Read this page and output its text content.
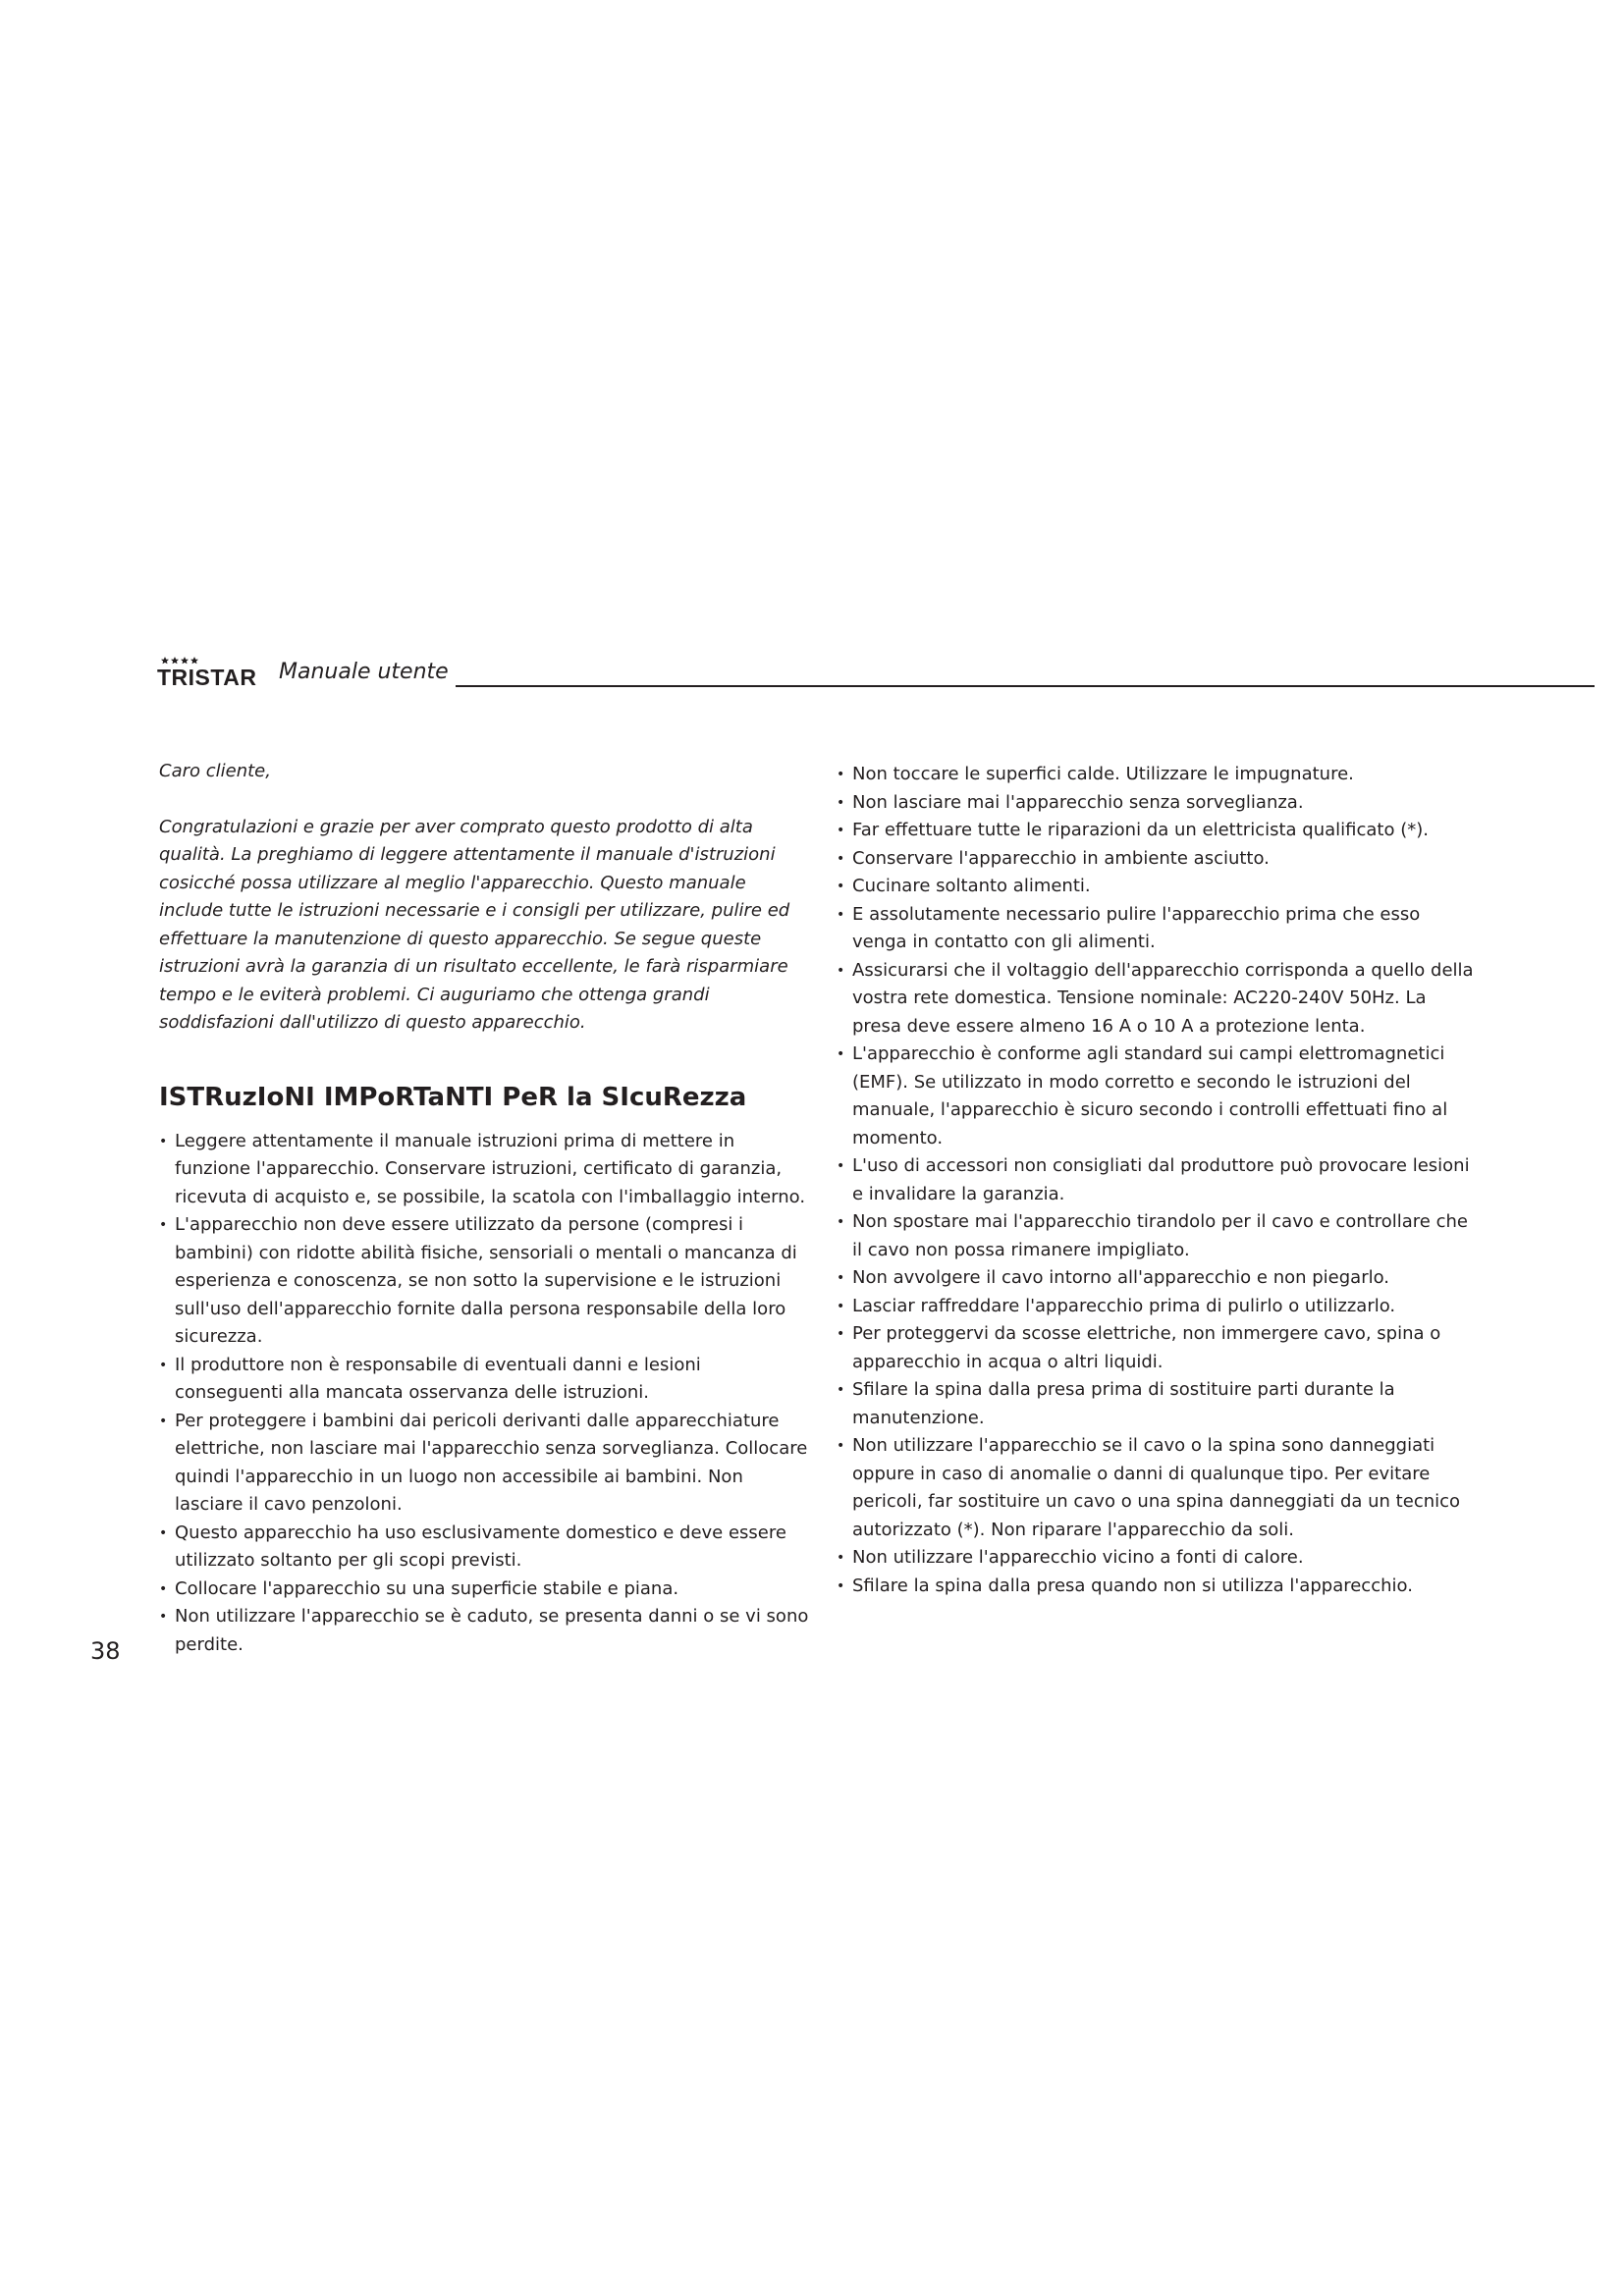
TRISTAR Manuale utente

Caro cliente,

Congratulazioni e grazie per aver comprato questo prodotto di alta qualità. La preghiamo di leggere attentamente il manuale d'istruzioni cosicché possa utilizzare al meglio l'apparecchio. Questo manuale include tutte le istruzioni necessarie e i consigli per utilizzare, pulire ed effettuare la manutenzione di questo apparecchio. Se segue queste istruzioni avrà la garanzia di un risultato eccellente, le farà risparmiare tempo e le eviterà problemi. Ci auguriamo che ottenga grandi soddisfazioni dall'utilizzo di questo apparecchio.

ISTRuzIoNI IMPoRTaNTI PeR la SIcuRezza
• Leggere attentamente il manuale istruzioni prima di mettere in funzione l'apparecchio. Conservare istruzioni, certificato di garanzia, ricevuta di acquisto e, se possibile, la scatola con l'imballaggio interno.
• L'apparecchio non deve essere utilizzato da persone (compresi i bambini) con ridotte abilità fisiche, sensoriali o mentali o mancanza di esperienza e conoscenza, se non sotto la supervisione e le istruzioni sull'uso dell'apparecchio fornite dalla persona responsabile della loro sicurezza.
• Il produttore non è responsabile di eventuali danni e lesioni conseguenti alla mancata osservanza delle istruzioni.
• Per proteggere i bambini dai pericoli derivanti dalle apparecchiature elettriche, non lasciare mai l'apparecchio senza sorveglianza. Collocare quindi l'apparecchio in un luogo non accessibile ai bambini. Non lasciare il cavo penzoloni.
• Questo apparecchio ha uso esclusivamente domestico e deve essere utilizzato soltanto per gli scopi previsti.
• Collocare l'apparecchio su una superficie stabile e piana.
• Non utilizzare l'apparecchio se è caduto, se presenta danni o se vi sono perdite.
• Non toccare le superfici calde. Utilizzare le impugnature.
• Non lasciare mai l'apparecchio senza sorveglianza.
• Far effettuare tutte le riparazioni da un elettricista qualificato (*).
• Conservare l'apparecchio in ambiente asciutto.
• Cucinare soltanto alimenti.
• E assolutamente necessario pulire l'apparecchio prima che esso venga in contatto con gli alimenti.
• Assicurarsi che il voltaggio dell'apparecchio corrisponda a quello della vostra rete domestica. Tensione nominale: AC220-240V 50Hz. La presa deve essere almeno 16 A o 10 A a protezione lenta.
• L'apparecchio è conforme agli standard sui campi elettromagnetici (EMF). Se utilizzato in modo corretto e secondo le istruzioni del manuale, l'apparecchio è sicuro secondo i controlli effettuati fino al momento.
• L'uso di accessori non consigliati dal produttore può provocare lesioni e invalidare la garanzia.
• Non spostare mai l'apparecchio tirandolo per il cavo e controllare che il cavo non possa rimanere impigliato.
• Non avvolgere il cavo intorno all'apparecchio e non piegarlo.
• Lasciar raffreddare l'apparecchio prima di pulirlo o utilizzarlo.
• Per proteggervi da scosse elettriche, non immergere cavo, spina o apparecchio in acqua o altri liquidi.
• Sfilare la spina dalla presa prima di sostituire parti durante la manutenzione.
• Non utilizzare l'apparecchio se il cavo o la spina sono danneggiati oppure in caso di anomalie o danni di qualunque tipo. Per evitare pericoli, far sostituire un cavo o una spina danneggiati da un tecnico autorizzato (*). Non riparare l'apparecchio da soli.
• Non utilizzare l'apparecchio vicino a fonti di calore.
• Sfilare la spina dalla presa quando non si utilizza l'apparecchio.
38
